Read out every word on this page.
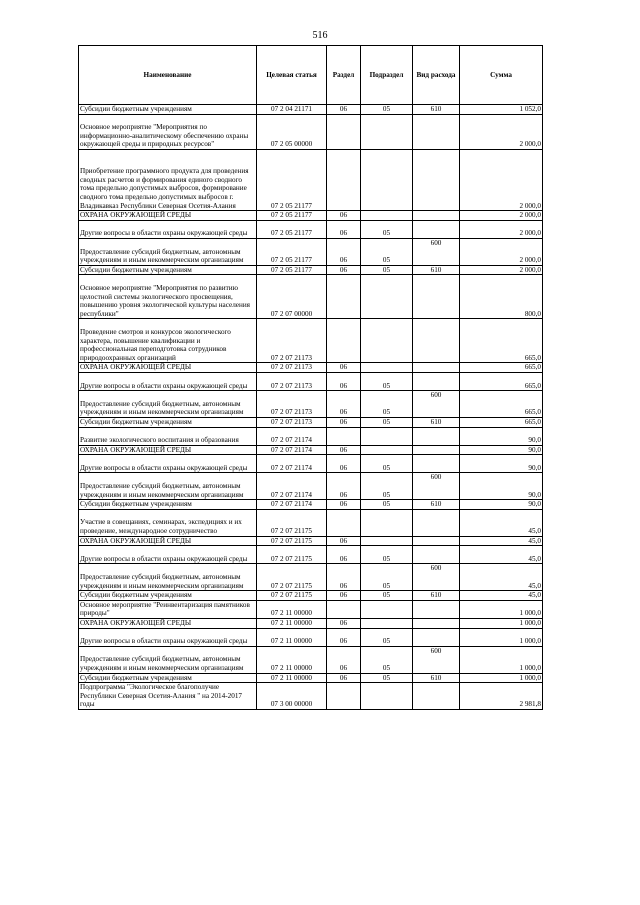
516
Наименование	Целевая статья	Раздел	Подраздел	Вид расхода	Сумма
Субсидии бюджетным учреждениям	07 2 04 21171	06	05	610	1 052,0
Основное мероприятие "Мероприятия по информационно-аналитическому обеспечению охраны окружающей среды и природных ресурсов"	07 2 05 00000				2 000,0
Приобретение программного продукта для проведения сводных расчетов и формирования единого сводного тома предельно допустимых выбросов, формирование сводного тома предельно допустимых выбросов г. Владикавказ Республики Северная Осетия-Алания	07 2 05 21177				2 000,0
ОХРАНА ОКРУЖАЮЩЕЙ СРЕДЫ	07 2 05 21177	06			2 000,0
Другие вопросы в области охраны окружающей среды	07 2 05 21177	06	05		2 000,0
Предоставление субсидий бюджетным, автономным учреждениям и иным некоммерческим организациям	07 2 05 21177	06	05	600	2 000,0
Субсидии бюджетным учреждениям	07 2 05 21177	06	05	610	2 000,0
Основное мероприятие "Мероприятия по развитию целостной системы экологического просвещения, повышению уровня экологической культуры населения республики"	07 2 07 00000				800,0
Проведение смотров и конкурсов экологического характера, повышение квалификации и профессиональная переподготовка сотрудников природоохранных организаций	07 2 07 21173				665,0
ОХРАНА ОКРУЖАЮЩЕЙ СРЕДЫ	07 2 07 21173	06			665,0
Другие вопросы в области охраны окружающей среды	07 2 07 21173	06	05		665,0
Предоставление субсидий бюджетным, автономным учреждениям и иным некоммерческим организациям	07 2 07 21173	06	05	600	665,0
Субсидии бюджетным учреждениям	07 2 07 21173	06	05	610	665,0
Развитие экологического воспитания и образования	07 2 07 21174				90,0
ОХРАНА ОКРУЖАЮЩЕЙ СРЕДЫ	07 2 07 21174	06			90,0
Другие вопросы в области охраны окружающей среды	07 2 07 21174	06	05		90,0
Предоставление субсидий бюджетным, автономным учреждениям и иным некоммерческим организациям	07 2 07 21174	06	05	600	90,0
Субсидии бюджетным учреждениям	07 2 07 21174	06	05	610	90,0
Участие в совещаниях, семинарах, экспедициях и их проведение, международное сотрудничество	07 2 07 21175				45,0
ОХРАНА ОКРУЖАЮЩЕЙ СРЕДЫ	07 2 07 21175	06			45,0
Другие вопросы в области охраны окружающей среды	07 2 07 21175	06	05		45,0
Предоставление субсидий бюджетным, автономным учреждениям и иным некоммерческим организациям	07 2 07 21175	06	05	600	45,0
Субсидии бюджетным учреждениям	07 2 07 21175	06	05	610	45,0
Основное мероприятие "Реинвентаризация памятников природы"	07 2 11 00000				1 000,0
ОХРАНА ОКРУЖАЮЩЕЙ СРЕДЫ	07 2 11 00000	06			1 000,0
Другие вопросы в области охраны окружающей среды	07 2 11 00000	06	05		1 000,0
Предоставление субсидий бюджетным, автономным учреждениям и иным некоммерческим организациям	07 2 11 00000	06	05	600	1 000,0
Субсидии бюджетным учреждениям	07 2 11 00000	06	05	610	1 000,0
Подпрограмма "Экологическое благополучие Республики Северная Осетия-Алания " на 2014-2017 годы	07 3 00 00000				2 981,8
